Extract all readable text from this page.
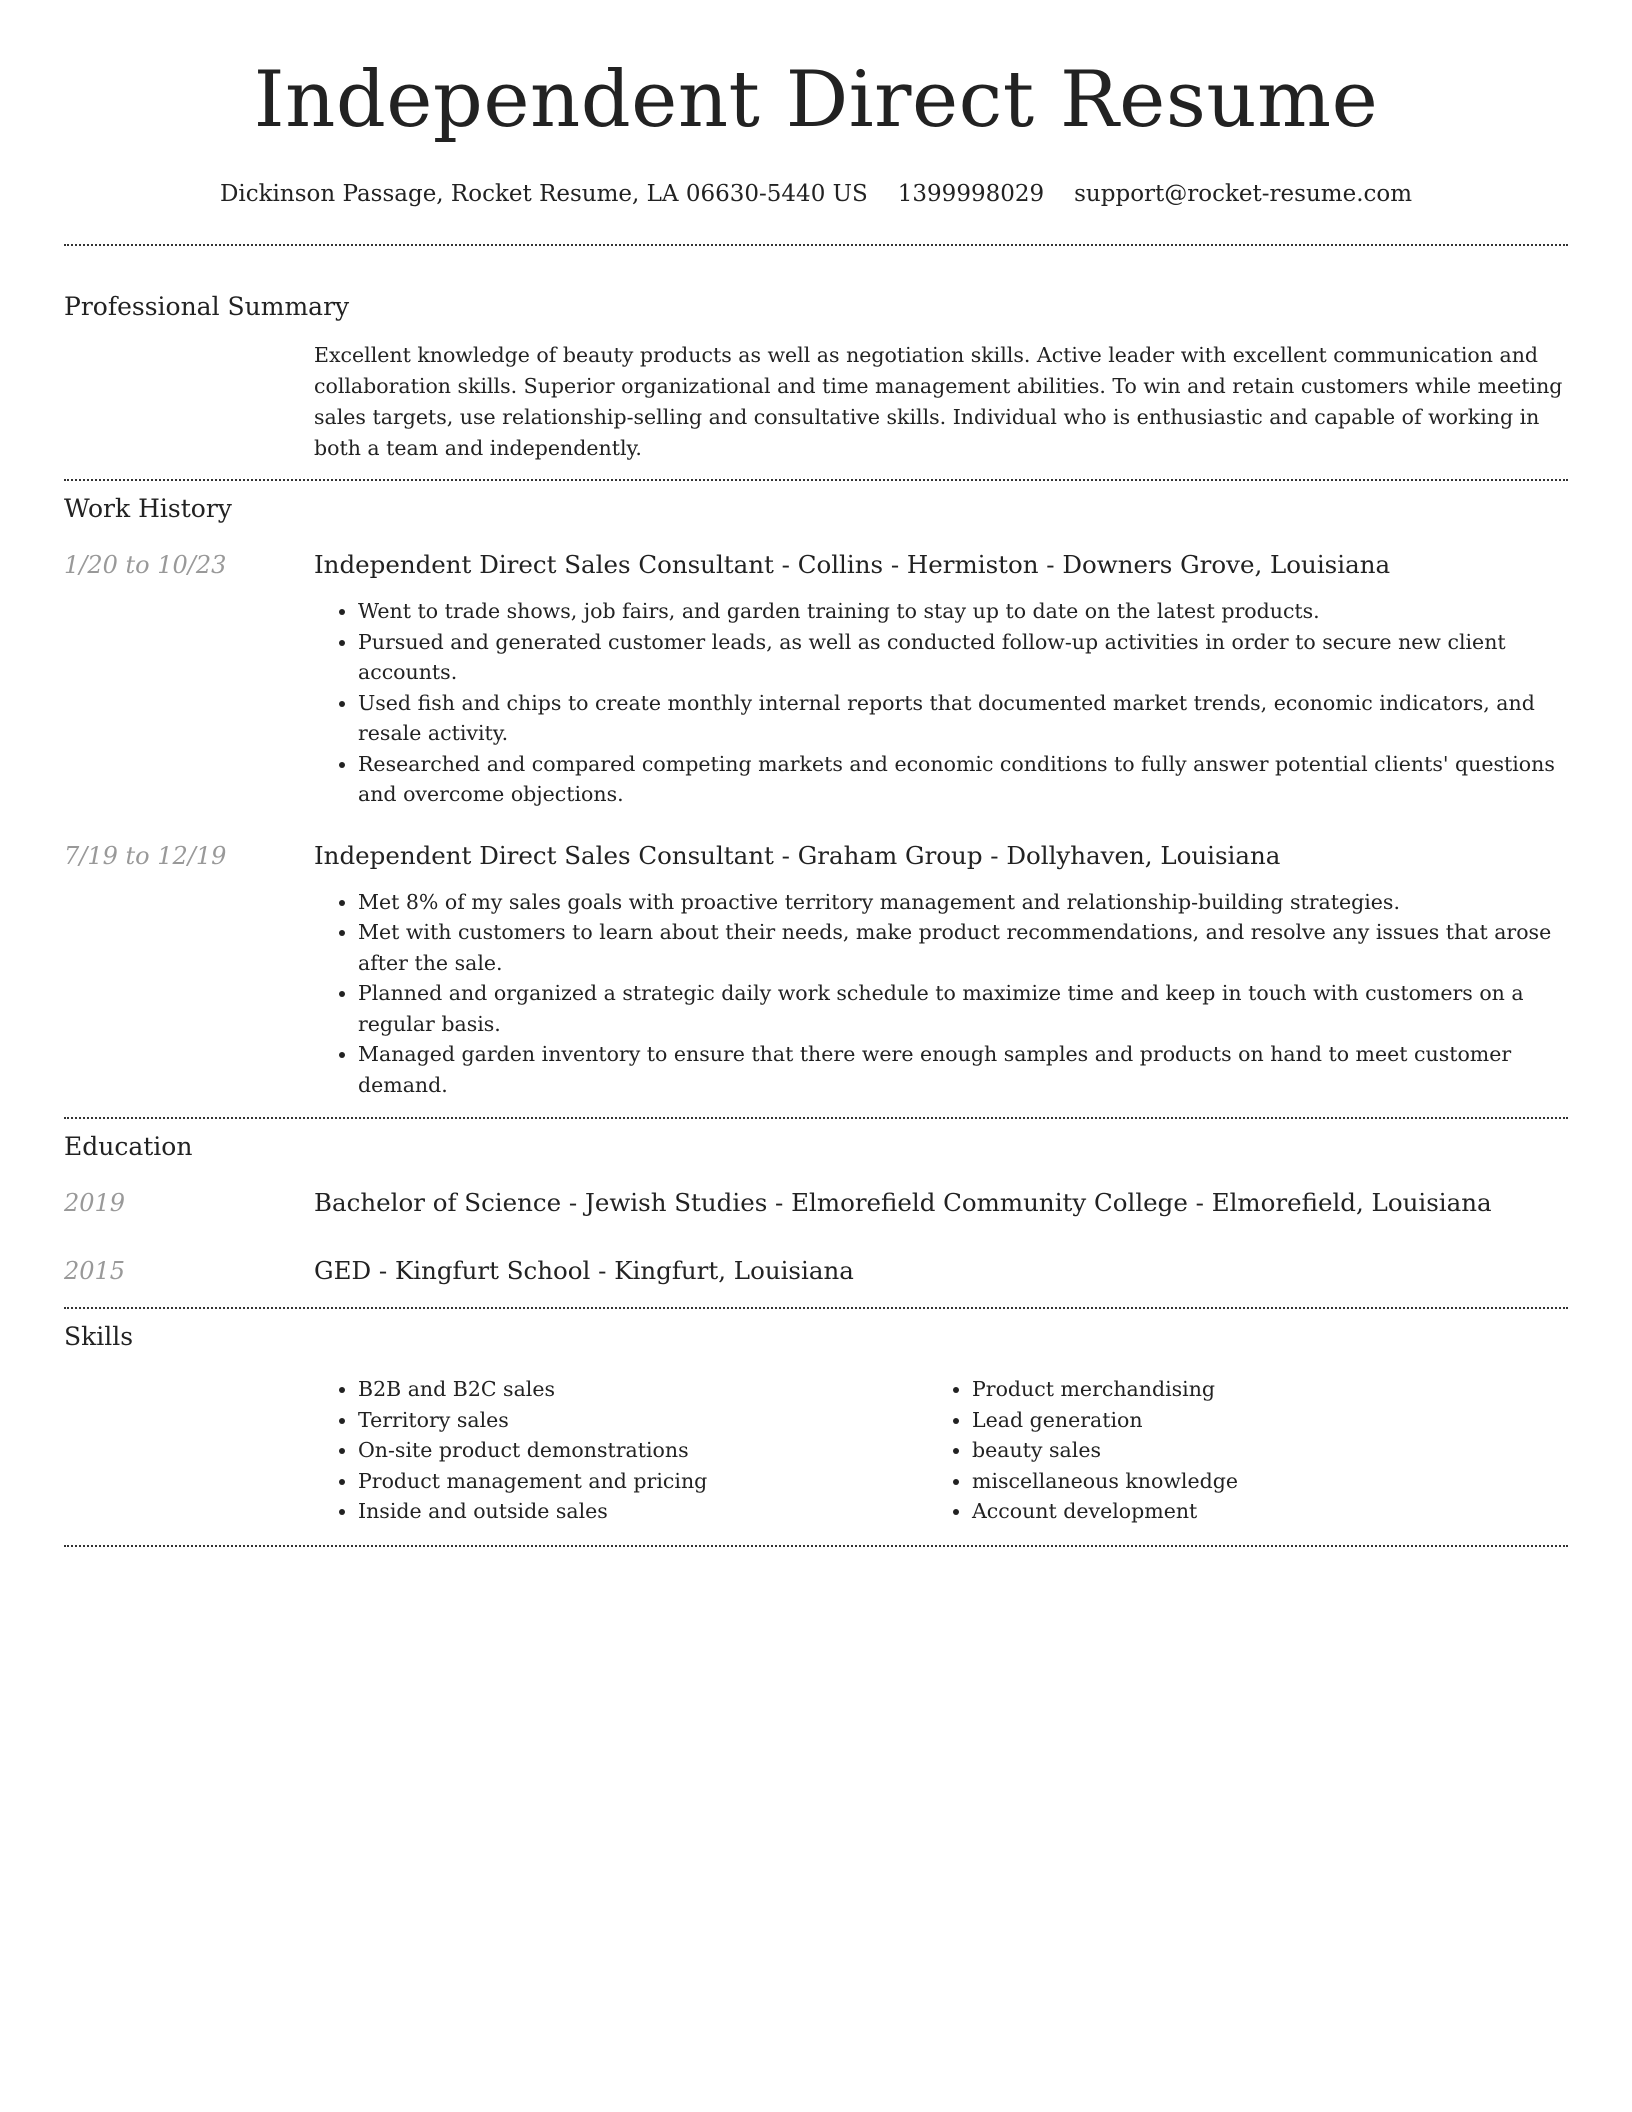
Independent Direct Resume
Dickinson Passage, Rocket Resume, LA 06630-5440 US 1399998029 support@rocket-resume.com
Professional Summary

Excellent knowledge of beauty products as well as negotiation skills. Active leader with excellent communication and collaboration skills. Superior organizational and time management abilities. To win and retain customers while meeting sales targets, use relationship-selling and consultative skills. Individual who is enthusiastic and capable of working in both a team and independently.

Work History
1/20 to 10/23	Independent Direct Sales Consultant - Collins - Hermiston - Downers Grove, Louisiana
• Went to trade shows, job fairs, and garden training to stay up to date on the latest products.
• Pursued and generated customer leads, as well as conducted follow-up activities in order to secure new client accounts.
• Used fish and chips to create monthly internal reports that documented market trends, economic indicators, and resale activity.
• Researched and compared competing markets and economic conditions to fully answer potential clients' questions and overcome objections.
7/19 to 12/19	Independent Direct Sales Consultant - Graham Group - Dollyhaven, Louisiana
• Met 8% of my sales goals with proactive territory management and relationship-building strategies.
• Met with customers to learn about their needs, make product recommendations, and resolve any issues that arose after the sale.
• Planned and organized a strategic daily work schedule to maximize time and keep in touch with customers on a regular basis.
• Managed garden inventory to ensure that there were enough samples and products on hand to meet customer demand.
Education
2019	Bachelor of Science - Jewish Studies - Elmorefield Community College - Elmorefield, Louisiana
2015	GED - Kingfurt School - Kingfurt, Louisiana
Skills
• B2B and B2C sales
• Territory sales
• On-site product demonstrations
• Product management and pricing
• Inside and outside sales
• Product merchandising
• Lead generation
• beauty sales
• miscellaneous knowledge
• Account development
